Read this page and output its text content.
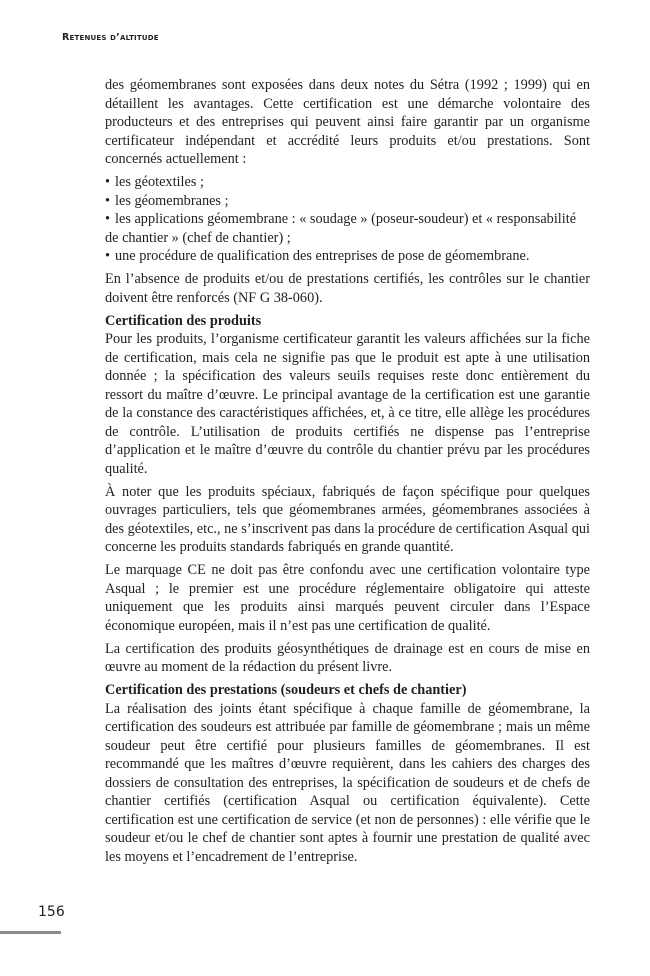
Retenues d’altitude

des géomembranes sont exposées dans deux notes du Sétra (1992 ; 1999) qui en détaillent les avantages. Cette certification est une démarche volontaire des producteurs et des entreprises qui peuvent ainsi faire garantir par un organisme certificateur indépendant et accrédité leurs produits et/ou prestations. Sont concernés actuellement :

• les géotextiles ;
• les géomembranes ;
• les applications géomembrane : « soudage » (poseur-soudeur) et « responsabilité de chantier » (chef de chantier) ;
• une procédure de qualification des entreprises de pose de géomembrane.

En l’absence de produits et/ou de prestations certifiés, les contrôles sur le chantier doivent être renforcés (NF G 38-060).

Certification des produits

Pour les produits, l’organisme certificateur garantit les valeurs affichées sur la fiche de certification, mais cela ne signifie pas que le produit est apte à une utilisation donnée ; la spécification des valeurs seuils requises reste donc entièrement du ressort du maître d’œuvre. Le principal avantage de la certification est une garantie de la constance des caractéristiques affichées, et, à ce titre, elle allège les procédures de contrôle. L’utilisation de produits certifiés ne dispense pas l’entreprise d’application et le maître d’œuvre du contrôle du chantier prévu par les procédures qualité.

À noter que les produits spéciaux, fabriqués de façon spécifique pour quelques ouvrages particuliers, tels que géomembranes armées, géomembranes associées à des géotextiles, etc., ne s’inscrivent pas dans la procédure de certification Asqual qui concerne les produits standards fabriqués en grande quantité.

Le marquage CE ne doit pas être confondu avec une certification volontaire type Asqual ; le premier est une procédure réglementaire obligatoire qui atteste uniquement que les produits ainsi marqués peuvent circuler dans l’Espace économique européen, mais il n’est pas une certification de qualité.

La certification des produits géosynthétiques de drainage est en cours de mise en œuvre au moment de la rédaction du présent livre.

Certification des prestations (soudeurs et chefs de chantier)

La réalisation des joints étant spécifique à chaque famille de géomembrane, la certification des soudeurs est attribuée par famille de géomembrane ; mais un même soudeur peut être certifié pour plusieurs familles de géomembranes. Il est recommandé que les maîtres d’œuvre requièrent, dans les cahiers des charges des dossiers de consultation des entreprises, la spécification de soudeurs et de chefs de chantier certifiés (certification Asqual ou certification équivalente). Cette certification est une certification de service (et non de personnes) : elle vérifie que le soudeur et/ou le chef de chantier sont aptes à fournir une prestation de qualité avec les moyens et l’encadrement de l’entreprise.

156
